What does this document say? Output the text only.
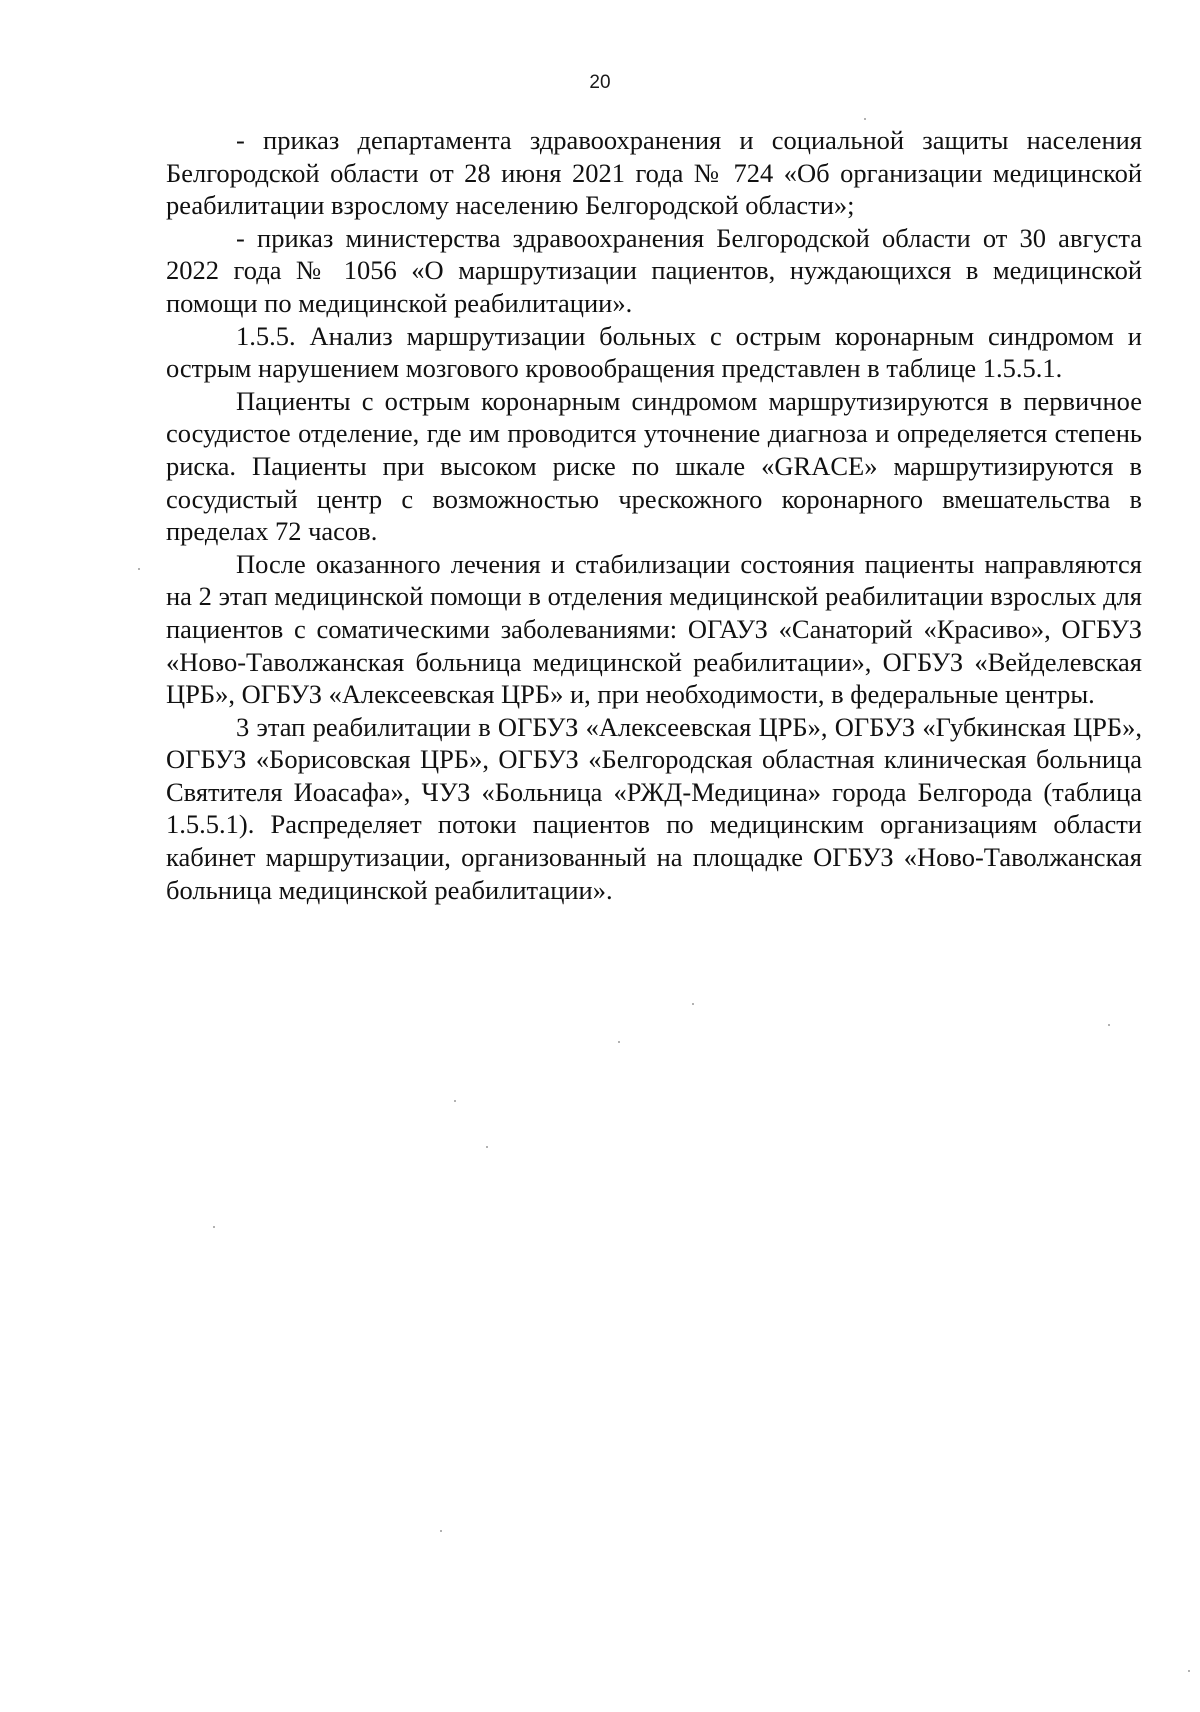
20

- приказ департамента здравоохранения и социальной защиты населения Белгородской области от 28 июня 2021 года № 724 «Об организации медицинской реабилитации взрослому населению Белгородской области»;

- приказ министерства здравоохранения Белгородской области от 30 августа 2022 года № 1056 «О маршрутизации пациентов, нуждающихся в медицинской помощи по медицинской реабилитации».

1.5.5. Анализ маршрутизации больных с острым коронарным синдромом и острым нарушением мозгового кровообращения представлен в таблице 1.5.5.1.

Пациенты с острым коронарным синдромом маршрутизируются в первичное сосудистое отделение, где им проводится уточнение диагноза и определяется степень риска. Пациенты при высоком риске по шкале «GRACE» маршрутизируются в сосудистый центр с возможностью чрескожного коронарного вмешательства в пределах 72 часов.

После оказанного лечения и стабилизации состояния пациенты направляются на 2 этап медицинской помощи в отделения медицинской реабилитации взрослых для пациентов с соматическими заболеваниями: ОГАУЗ «Санаторий «Красиво», ОГБУЗ «Ново-Таволжанская больница медицинской реабилитации», ОГБУЗ «Вейделевская ЦРБ», ОГБУЗ «Алексеевская ЦРБ» и, при необходимости, в федеральные центры.

3 этап реабилитации в ОГБУЗ «Алексеевская ЦРБ», ОГБУЗ «Губкинская ЦРБ», ОГБУЗ «Борисовская ЦРБ», ОГБУЗ «Белгородская областная клиническая больница Святителя Иоасафа», ЧУЗ «Больница «РЖД-Медицина» города Белгорода (таблица 1.5.5.1). Распределяет потоки пациентов по медицинским организациям области кабинет маршрутизации, организованный на площадке ОГБУЗ «Ново-Таволжанская больница медицинской реабилитации».
